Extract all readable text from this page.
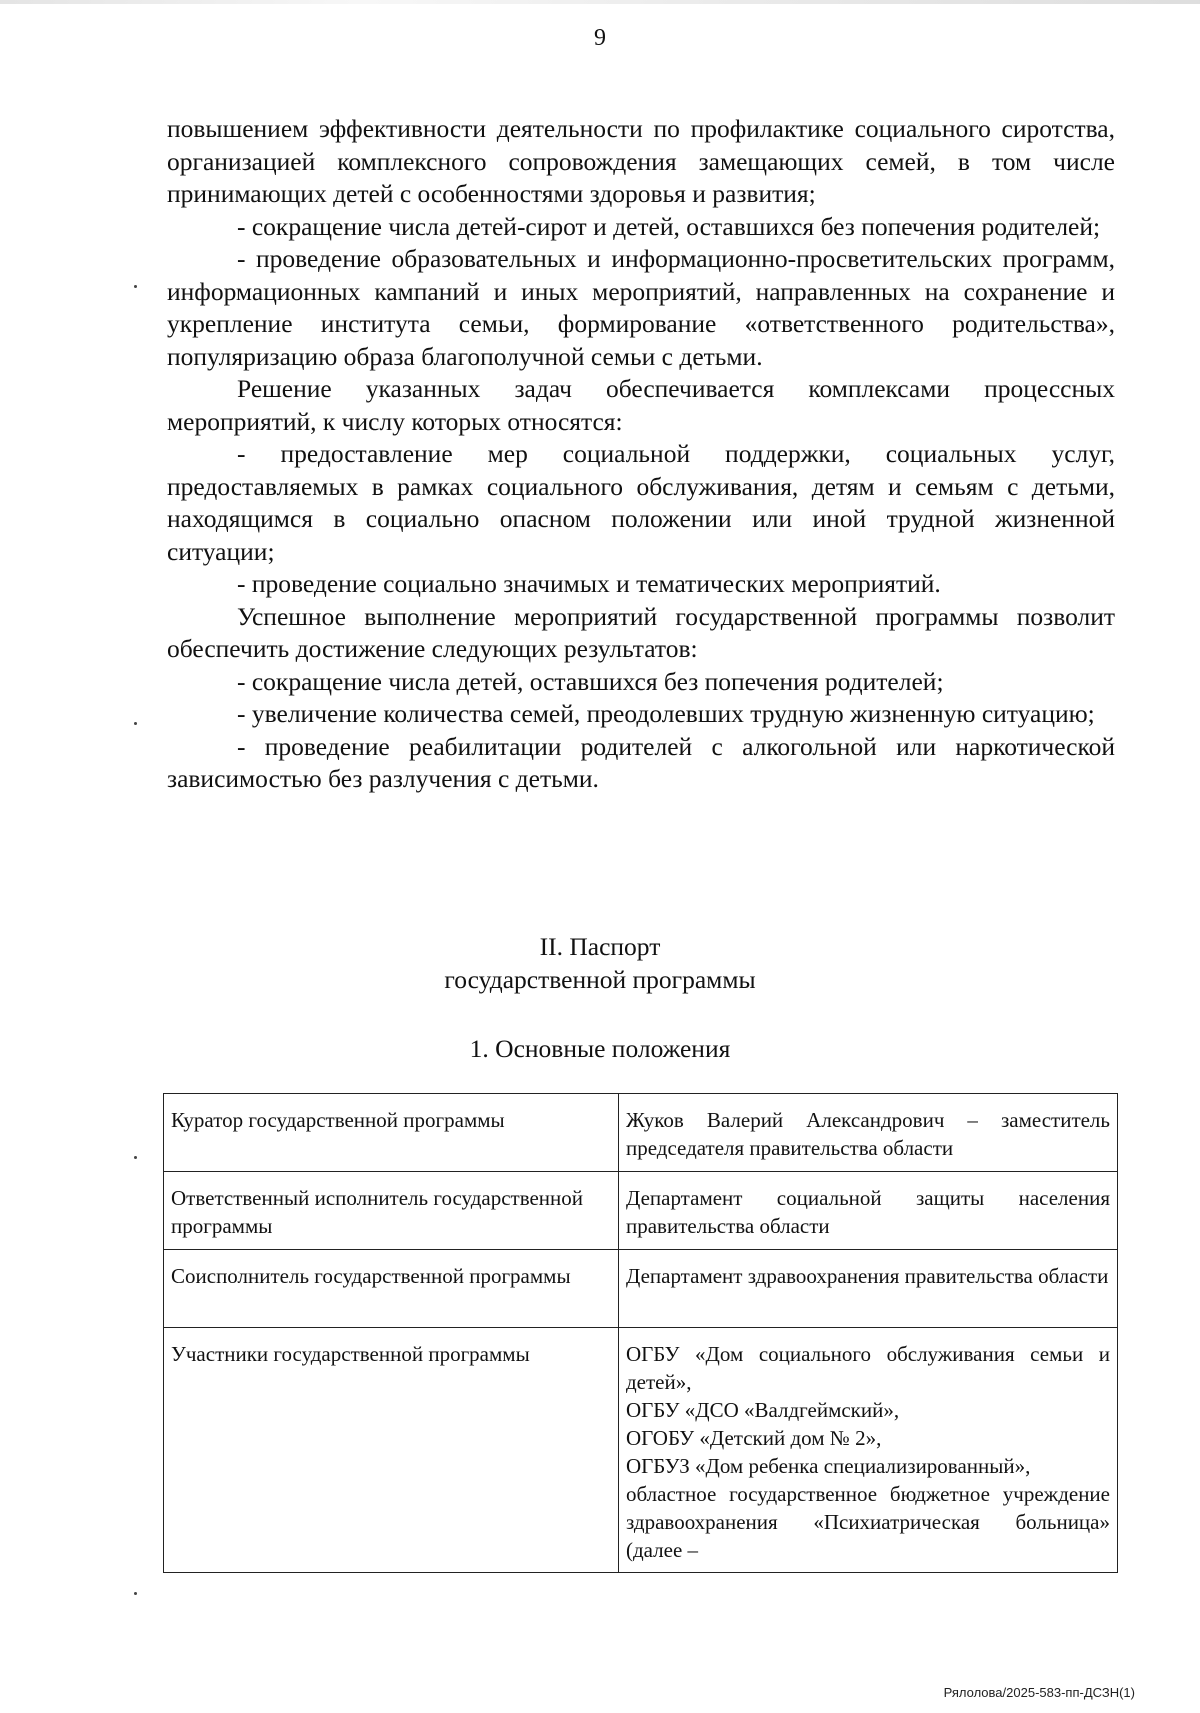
9

повышением эффективности деятельности по профилактике социального сиротства, организацией комплексного сопровождения замещающих семей, в том числе принимающих детей с особенностями здоровья и развития;

- сокращение числа детей-сирот и детей, оставшихся без попечения родителей;

- проведение образовательных и информационно-просветительских программ, информационных кампаний и иных мероприятий, направленных на сохранение и укрепление института семьи, формирование «ответственного родительства», популяризацию образа благополучной семьи с детьми.

Решение указанных задач обеспечивается комплексами процессных мероприятий, к числу которых относятся:

- предоставление мер социальной поддержки, социальных услуг, предоставляемых в рамках социального обслуживания, детям и семьям с детьми, находящимся в социально опасном положении или иной трудной жизненной ситуации;

- проведение социально значимых и тематических мероприятий.

Успешное выполнение мероприятий государственной программы позволит обеспечить достижение следующих результатов:

- сокращение числа детей, оставшихся без попечения родителей;

- увеличение количества семей, преодолевших трудную жизненную ситуацию;

- проведение реабилитации родителей с алкогольной или наркотической зависимостью без разлучения с детьми.

II. Паспорт
государственной программы
1. Основные положения
Куратор государственной программы	Жуков Валерий Александрович – заместитель председателя правительства области
Ответственный исполнитель государственной программы	Департамент социальной защиты населения правительства области
Соисполнитель государственной программы	Департамент здравоохранения правительства области
Участники государственной программы	ОГБУ «Дом социального обслуживания семьи и детей»,
ОГБУ «ДСО «Валдгеймский»,
ОГОБУ «Детский дом № 2»,
ОГБУЗ «Дом ребенка специализированный»,
областное государственное бюджетное учреждение здравоохранения «Психиатрическая больница» (далее –
Рялолова/2025-583-пп-ДСЗН(1)
